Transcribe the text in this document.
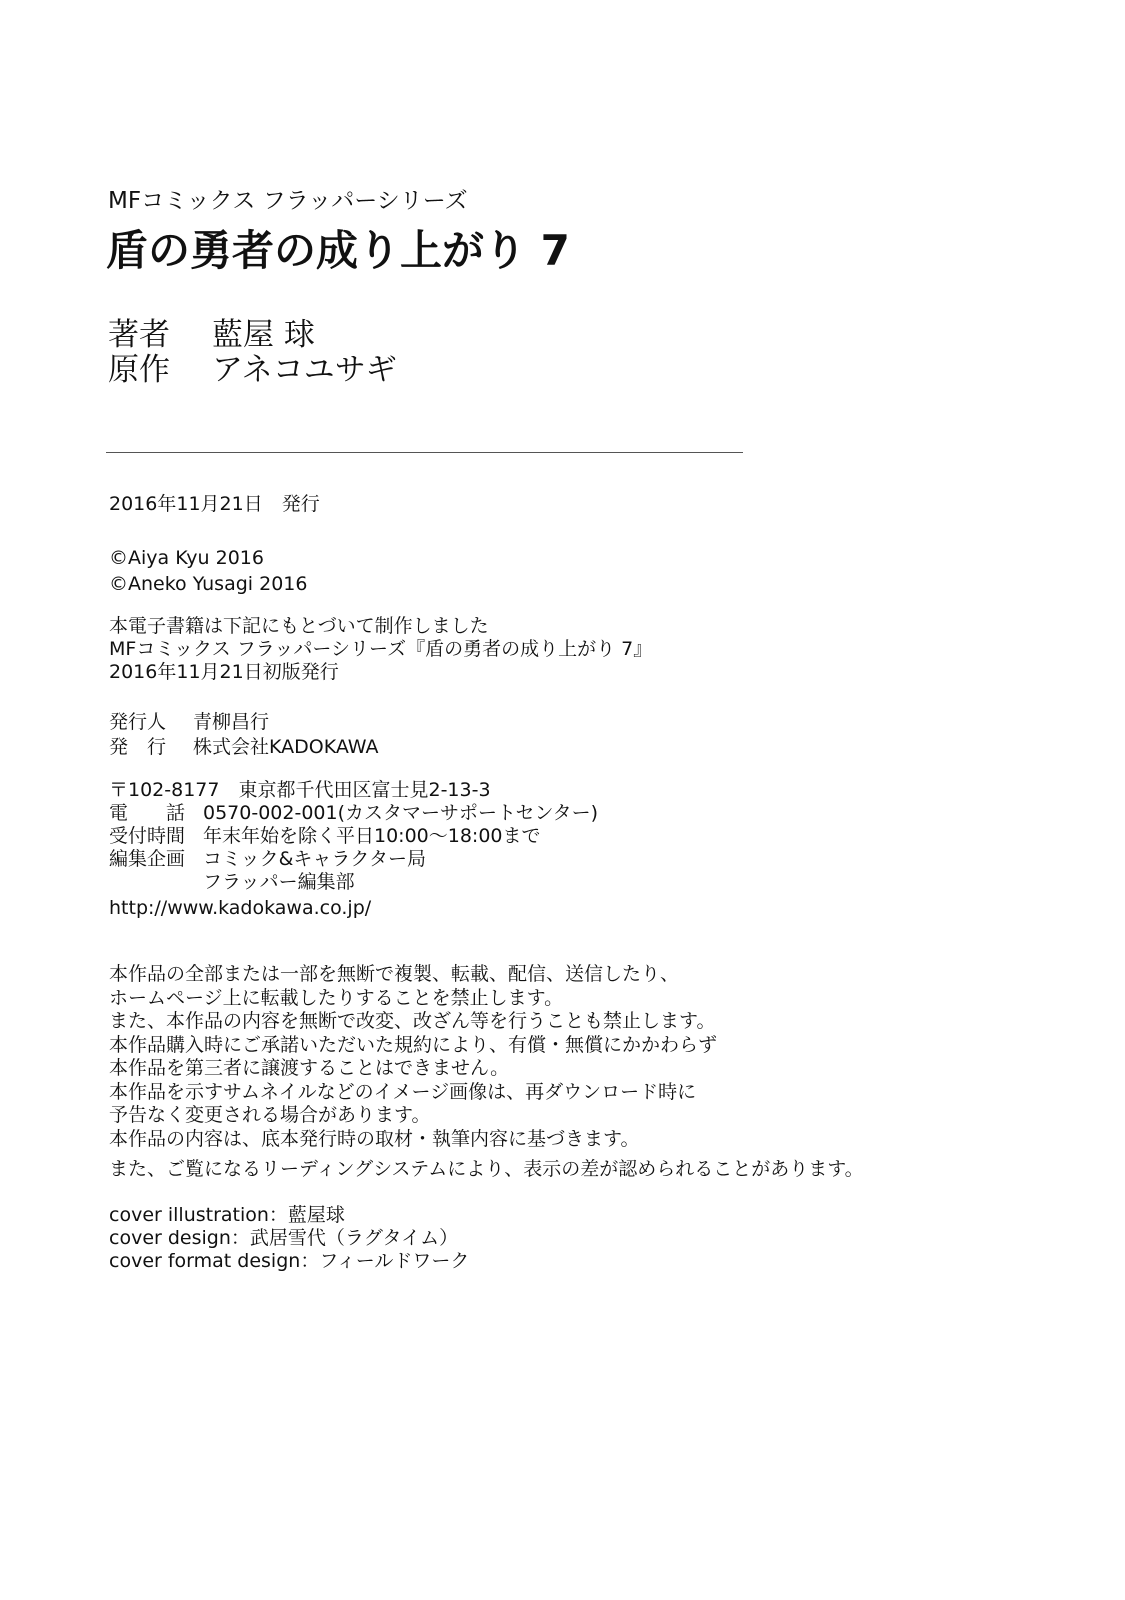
MFコミックス フラッパーシリーズ
盾の勇者の成り上がり 7
著者 藍屋 球
原作 アネコユサギ
2016年11月21日　発行
©Aiya Kyu 2016
©Aneko Yusagi 2016
本電子書籍は下記にもとづいて制作しました
MFコミックス フラッパーシリーズ『盾の勇者の成り上がり 7』
2016年11月21日初版発行
発行人 青柳昌行
発　行 株式会社KADOKAWA
〒102-8177　東京都千代田区富士見2-13-3
電　　話 0570-002-001(カスタマーサポートセンター)
受付時間 年末年始を除く平日10:00～18:00まで
編集企画 コミック&キャラクター局
フラッパー編集部
http://www.kadokawa.co.jp/
本作品の全部または一部を無断で複製、転載、配信、送信したり、
ホームページ上に転載したりすることを禁止します。
また、本作品の内容を無断で改変、改ざん等を行うことも禁止します。
本作品購入時にご承諾いただいた規約により、有償・無償にかかわらず
本作品を第三者に譲渡することはできません。
本作品を示すサムネイルなどのイメージ画像は、再ダウンロード時に
予告なく変更される場合があります。
本作品の内容は、底本発行時の取材・執筆内容に基づきます。
また、ご覧になるリーディングシステムにより、表示の差が認められることがあります。
cover illustration：藍屋球
cover design：武居雪代（ラグタイム）
cover format design：フィールドワーク
